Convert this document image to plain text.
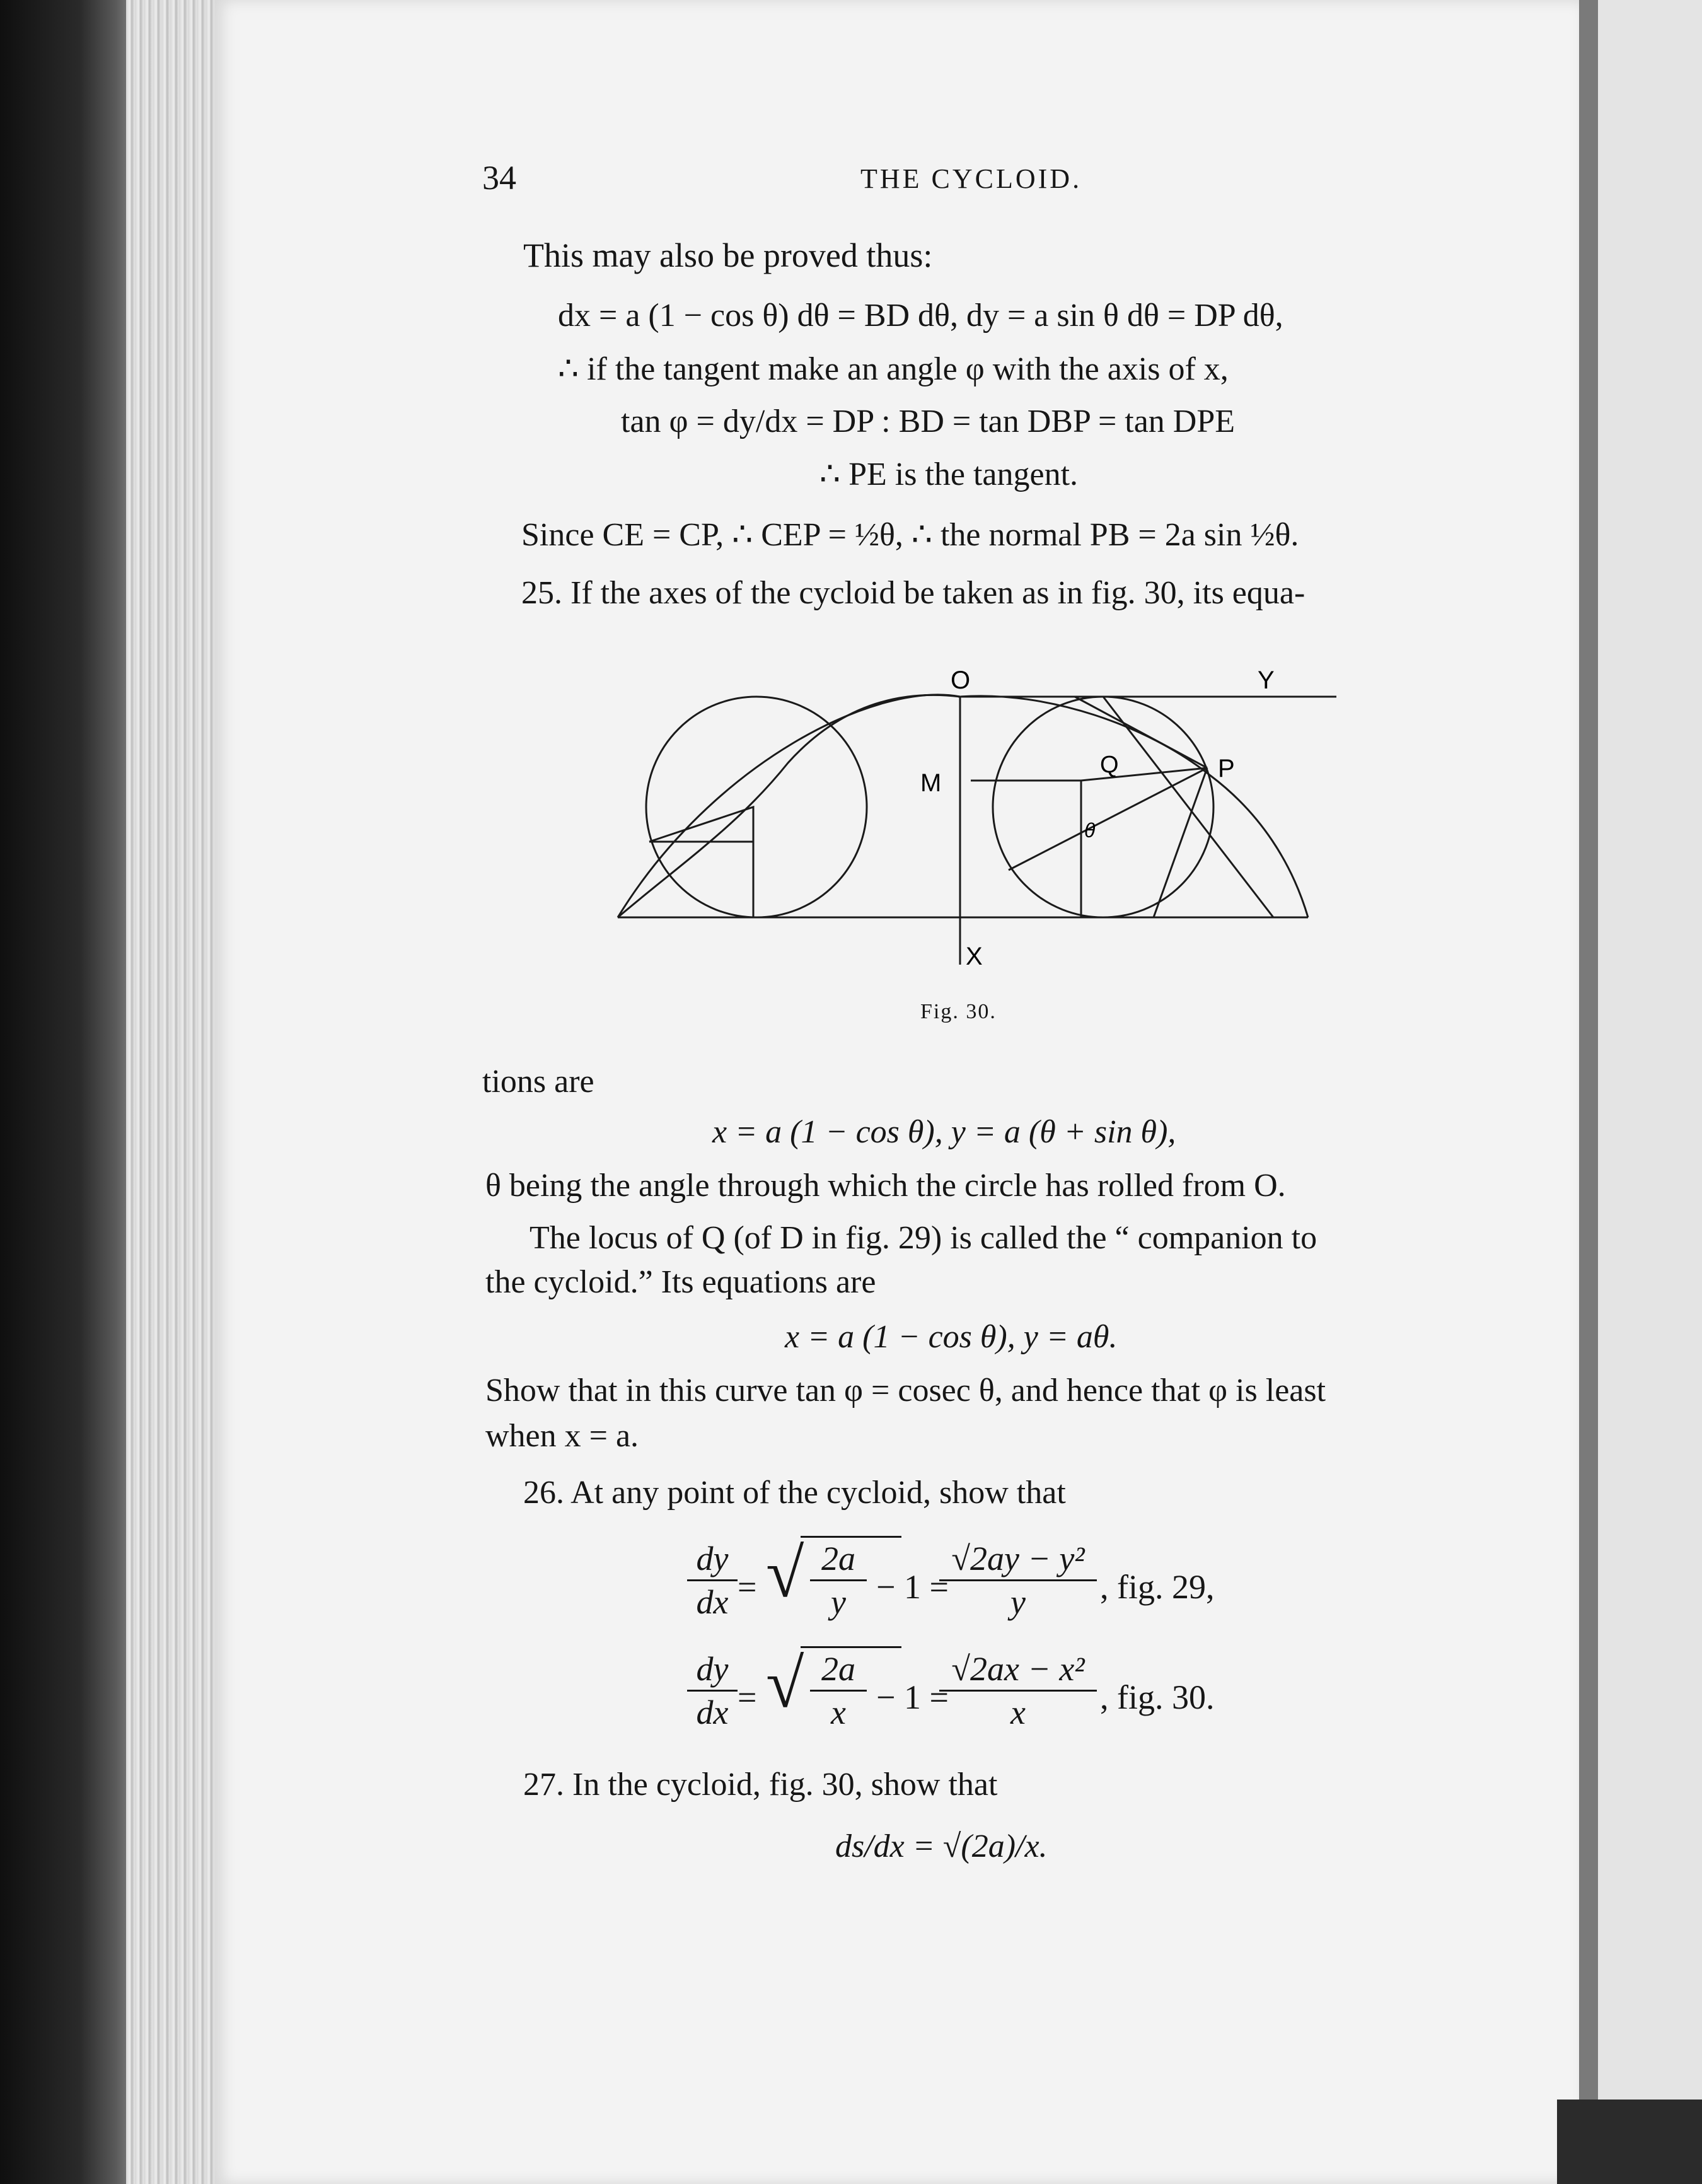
34	THE CYCLOID.
This may also be proved thus:
dx = a (1 − cos θ) dθ = BD dθ, dy = a sin θ dθ = DP dθ,
∴ if the tangent make an angle φ with the axis of x,
tan φ = dy/dx = DP : BD = tan DBP = tan DPE
∴ PE is the tangent.
Since CE = CP, ∴ CEP = ½θ, ∴ the normal PB = 2a sin ½θ.
25. If the axes of the cycloid be taken as in fig. 30, its equa-
O	Y
M
Q	P
θ
X
Fig. 30.
tions are
x = a (1 − cos θ), y = a (θ + sin θ),
θ being the angle through which the circle has rolled from O.
The locus of Q (of D in fig. 29) is called the “ companion to
the cycloid.” Its equations are
x = a (1 − cos θ), y = aθ.
Show that in this curve tan φ = cosec θ, and hence that φ is least
when x = a.
26. At any point of the cycloid, show that
dy
dx = √ 2a
y − 1 =
√2ay − y²
y	, fig. 29,
dy
dx = √ 2a
x − 1 =
√2ax − x²
x	, fig. 30.
27. In the cycloid, fig. 30, show that
ds/dx = √(2a)/x.
